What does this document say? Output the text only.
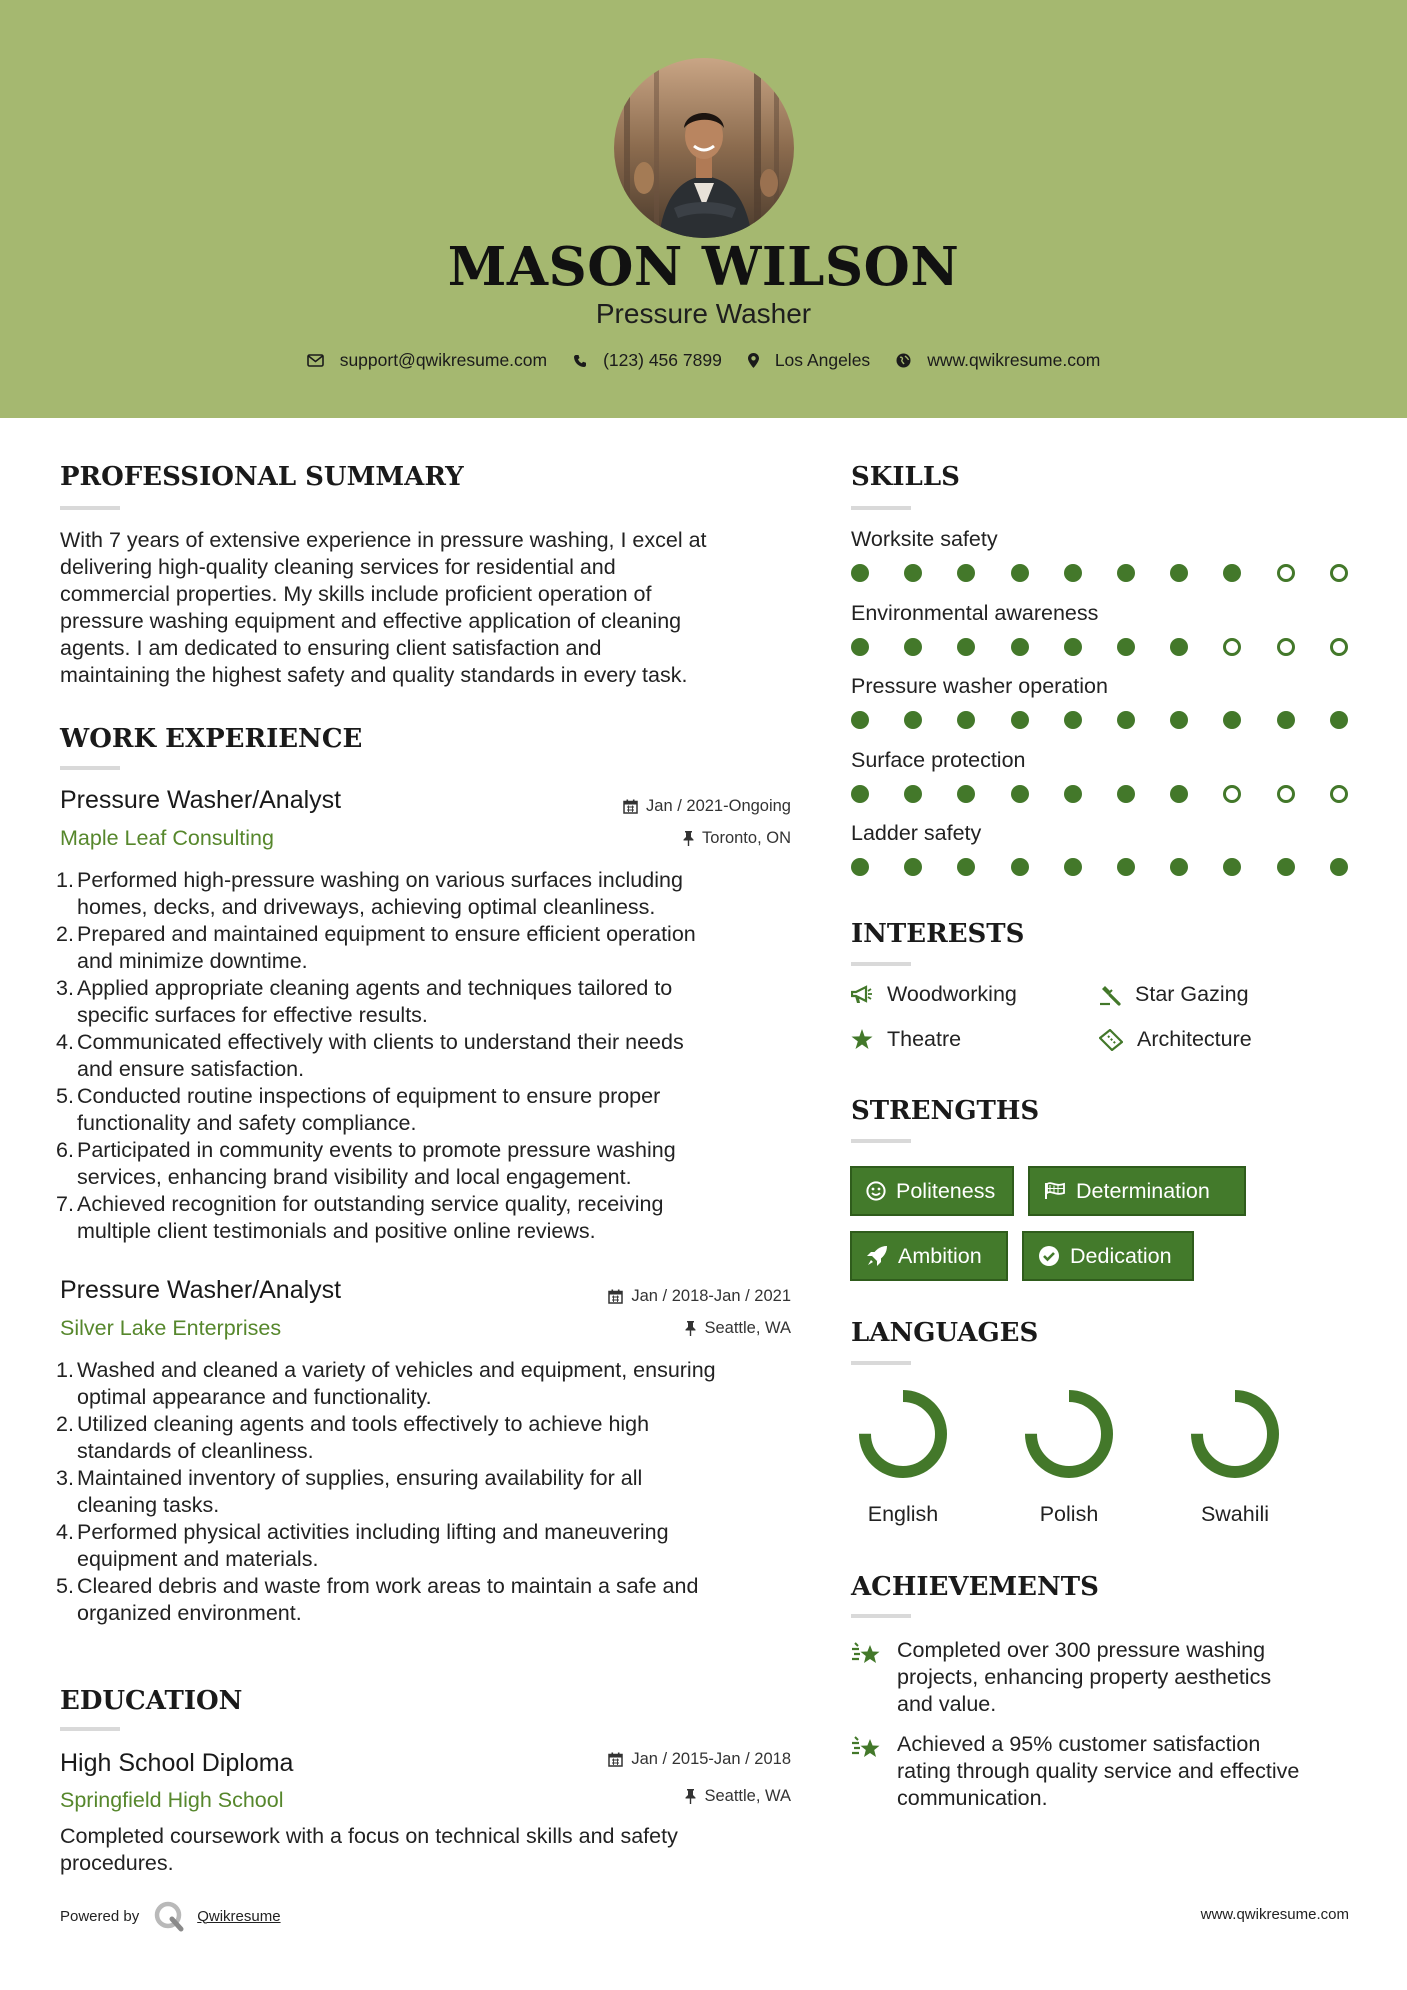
MASON WILSON
Pressure Washer
support@qwikresume.com	(123) 456 7899	Los Angeles	www.qwikresume.com
PROFESSIONAL SUMMARY
With 7 years of extensive experience in pressure washing, I excel at
delivering high-quality cleaning services for residential and
commercial properties. My skills include proficient operation of
pressure washing equipment and effective application of cleaning
agents. I am dedicated to ensuring client satisfaction and
maintaining the highest safety and quality standards in every task.
WORK EXPERIENCE
Pressure Washer/Analyst
Maple Leaf Consulting
Jan / 2021-Ongoing
Toronto, ON
1. Performed high-pressure washing on various surfaces including
homes, decks, and driveways, achieving optimal cleanliness.
2. Prepared and maintained equipment to ensure efficient operation
and minimize downtime.
3. Applied appropriate cleaning agents and techniques tailored to
specific surfaces for effective results.
4. Communicated effectively with clients to understand their needs
and ensure satisfaction.
5. Conducted routine inspections of equipment to ensure proper
functionality and safety compliance.
6. Participated in community events to promote pressure washing
services, enhancing brand visibility and local engagement.
7. Achieved recognition for outstanding service quality, receiving
multiple client testimonials and positive online reviews.
Pressure Washer/Analyst
Silver Lake Enterprises
Jan / 2018-Jan / 2021
Seattle, WA
1. Washed and cleaned a variety of vehicles and equipment, ensuring
optimal appearance and functionality.
2. Utilized cleaning agents and tools effectively to achieve high
standards of cleanliness.
3. Maintained inventory of supplies, ensuring availability for all
cleaning tasks.
4. Performed physical activities including lifting and maneuvering
equipment and materials.
5. Cleared debris and waste from work areas to maintain a safe and
organized environment.
EDUCATION
High School Diploma
Springfield High School
Jan / 2015-Jan / 2018
Seattle, WA
Completed coursework with a focus on technical skills and safety
procedures.
SKILLS
Worksite safety
Environmental awareness
Pressure washer operation
Surface protection
Ladder safety
INTERESTS
Woodworking	Star Gazing
Theatre	Architecture
STRENGTHS
Politeness	Determination
Ambition	Dedication
LANGUAGES
English	Polish	Swahili
ACHIEVEMENTS
Completed over 300 pressure washing
projects, enhancing property aesthetics
and value.
Achieved a 95% customer satisfaction
rating through quality service and effective
communication.
Powered by	Qwikresume	www.qwikresume.com
